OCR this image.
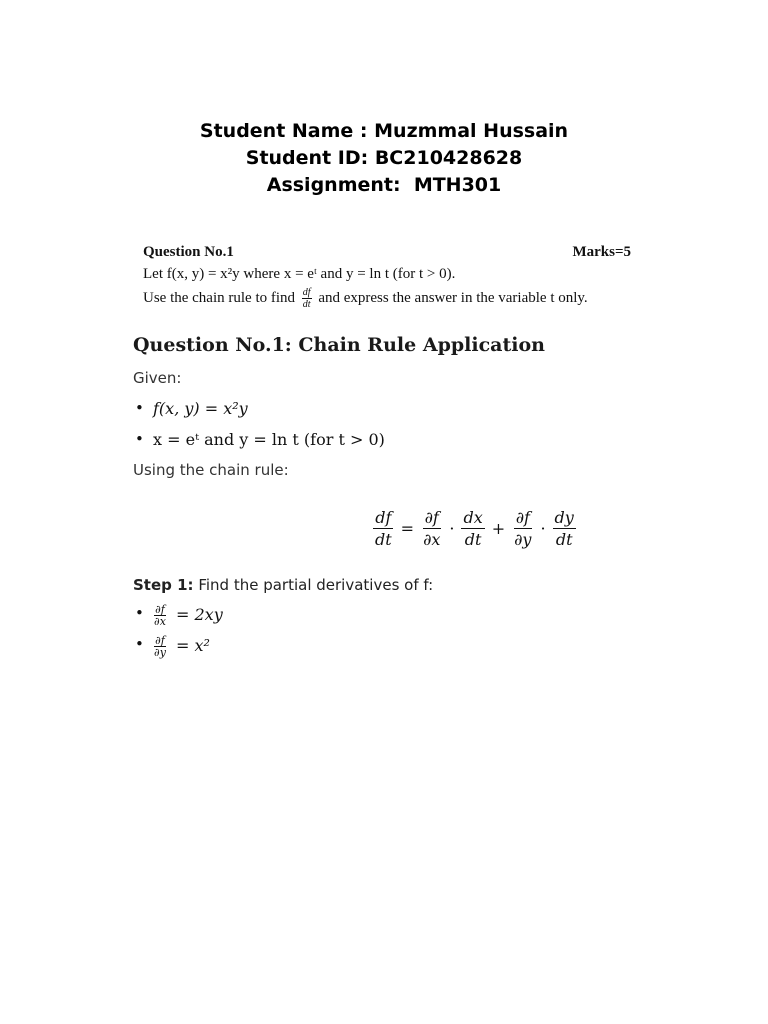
Student Name : Muzmmal Hussain
Student ID: BC210428628
Assignment:  MTH301
Question No.1	Marks=5
Let f(x, y) = x²y where x = eᵗ and y = ln t (for t > 0).
Use the chain rule to find $\frac{df}{dt}$ and express the answer in the variable t only.
Question No.1: Chain Rule Application
Given:
• f(x, y) = x²y
• x = eᵗ and y = ln t (for t > 0)
Using the chain rule:
$\frac{df}{dt} = \frac{\partial f}{\partial x} \cdot \frac{dx}{dt} + \frac{\partial f}{\partial y} \cdot \frac{dy}{dt}$
Step 1: Find the partial derivatives of f:
• $\frac{\partial f}{\partial x} = 2xy$
• $\frac{\partial f}{\partial y} = x^2$
